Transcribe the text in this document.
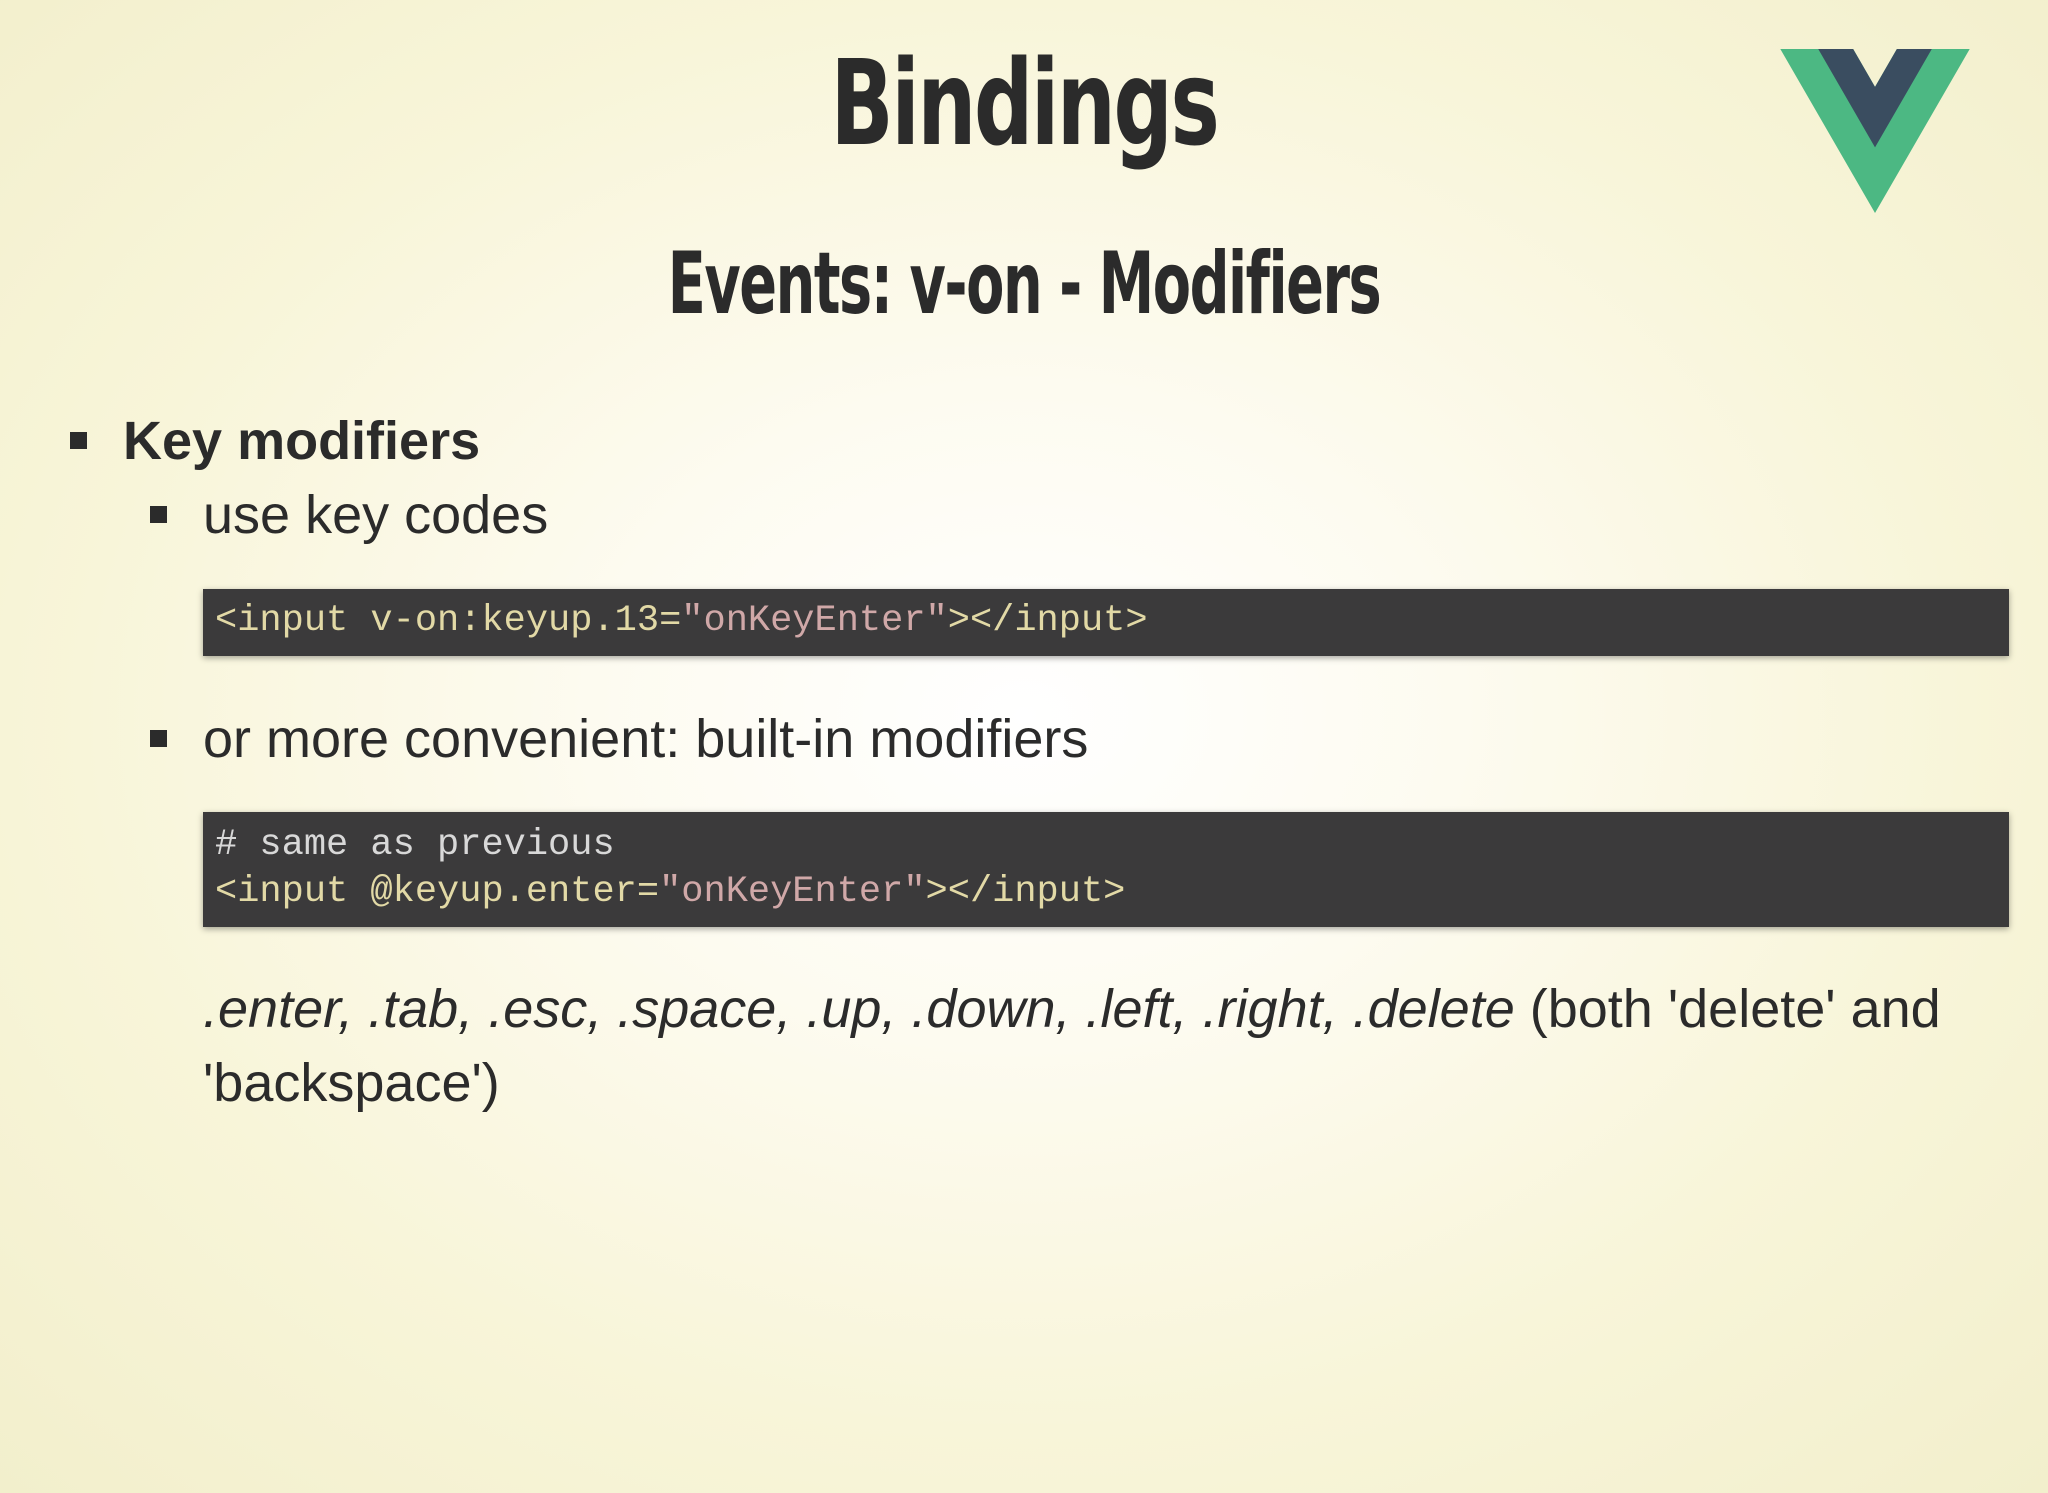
Bindings
Events: v-on - Modifiers
Key modifiers
use key codes
<input v-on:keyup.13="onKeyEnter"></input>
or more convenient: built-in modifiers
# same as previous
<input @keyup.enter="onKeyEnter"></input>
.enter, .tab, .esc, .space, .up, .down, .left, .right, .delete (both 'delete' and 'backspace')
